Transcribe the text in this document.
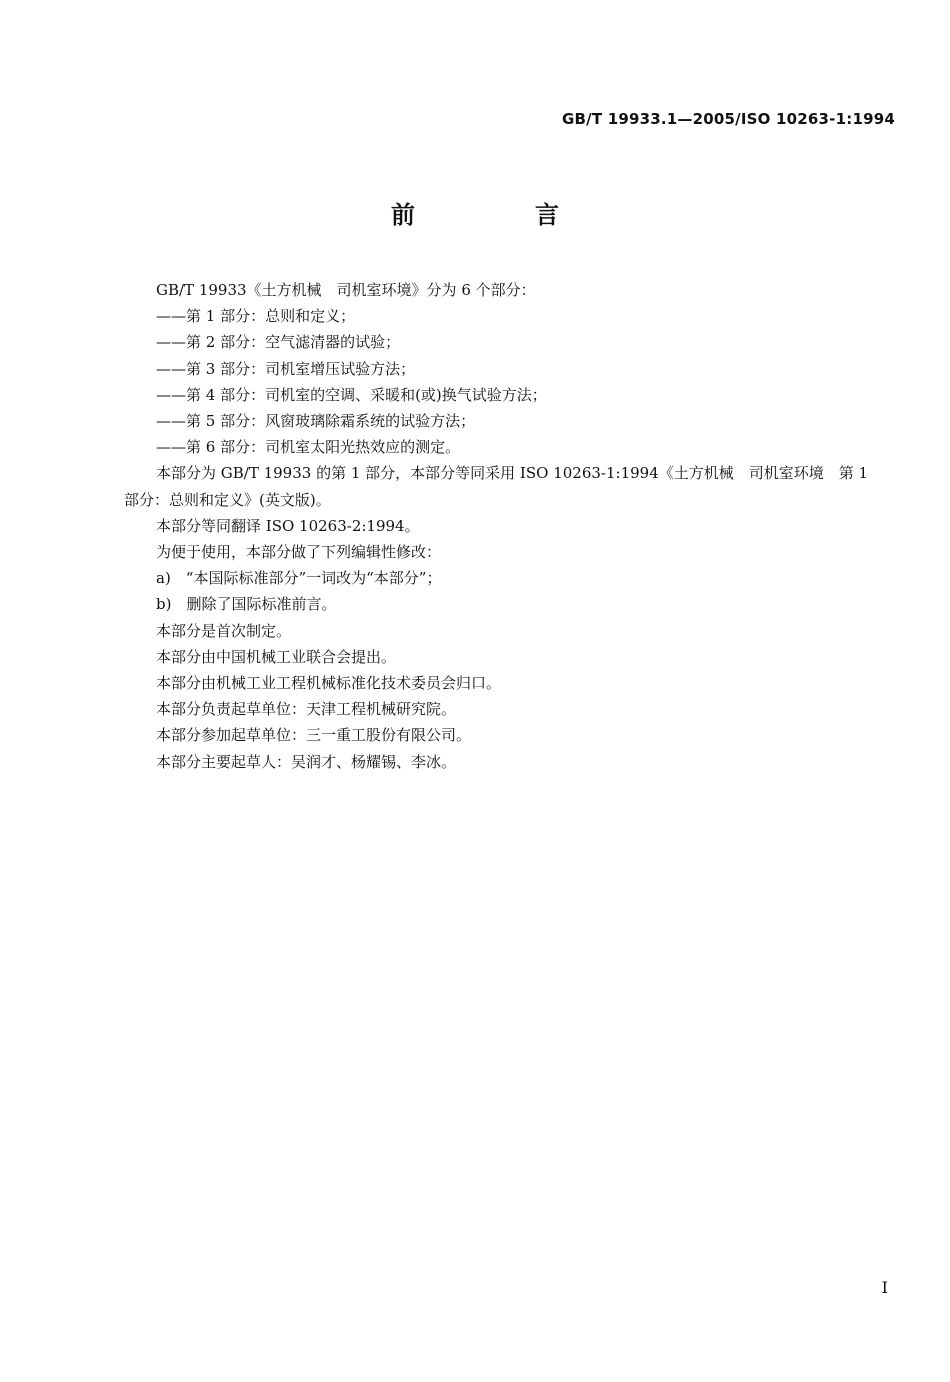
GB/T 19933.1—2005/ISO 10263-1:1994
前　言

GB/T 19933《土方机械　司机室环境》分为 6 个部分：

——第 1 部分：总则和定义；

——第 2 部分：空气滤清器的试验；

——第 3 部分：司机室增压试验方法；

——第 4 部分：司机室的空调、采暖和(或)换气试验方法；

——第 5 部分：风窗玻璃除霜系统的试验方法；

——第 6 部分：司机室太阳光热效应的测定。

本部分为 GB/T 19933 的第 1 部分，本部分等同采用 ISO 10263-1:1994《土方机械　司机室环境　第 1 部分：总则和定义》(英文版)。

本部分等同翻译 ISO 10263-2:1994。

为便于使用，本部分做了下列编辑性修改：

a)　“本国际标准部分”一词改为“本部分”；

b)　删除了国际标准前言。

本部分是首次制定。

本部分由中国机械工业联合会提出。

本部分由机械工业工程机械标准化技术委员会归口。

本部分负责起草单位：天津工程机械研究院。

本部分参加起草单位：三一重工股份有限公司。

本部分主要起草人：吴润才、杨耀锡、李冰。

I
